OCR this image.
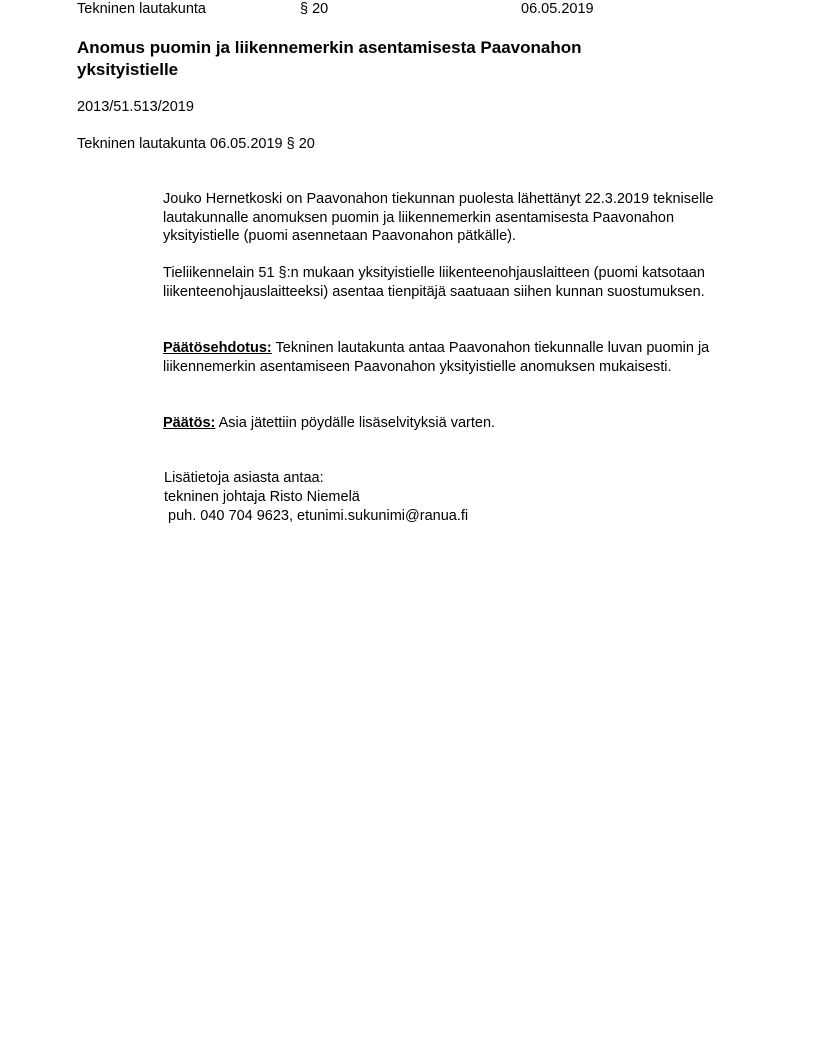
Tekninen lautakunta	§ 20	06.05.2019
Anomus puomin ja liikennemerkin asentamisesta Paavonahon yksityistielle
2013/51.513/2019
Tekninen lautakunta 06.05.2019 § 20

Jouko Hernetkoski on Paavonahon tiekunnan puolesta lähettänyt 22.3.2019 tekniselle lautakunnalle anomuksen puomin ja liikennemerkin asentamisesta Paavonahon yksityistielle (puomi asennetaan Paavonahon pätkälle).

Tieliikennelain 51 §:n mukaan yksityistielle liikenteenohjauslaitteen (puomi katsotaan liikenteenohjauslaitteeksi) asentaa tienpitäjä saatuaan siihen kunnan suostumuksen.

Päätösehdotus: Tekninen lautakunta antaa Paavonahon tiekunnalle luvan puomin ja liikennemerkin asentamiseen Paavonahon yksityistielle anomuksen mukaisesti.

Päätös: Asia jätettiin pöydälle lisäselvityksiä varten.

Lisätietoja asiasta antaa:
tekninen johtaja Risto Niemelä
puh. 040 704 9623, etunimi.sukunimi@ranua.fi
